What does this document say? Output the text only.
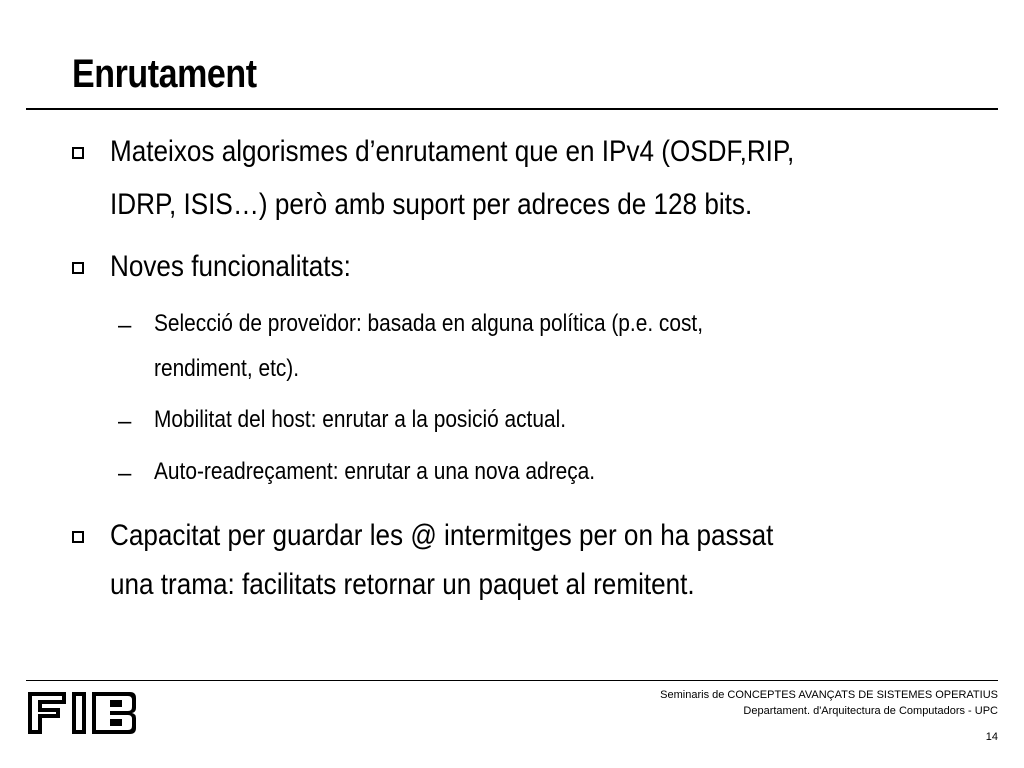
Enrutament
Mateixos algorismes d’enrutament que en IPv4 (OSDF,RIP,
IDRP, ISIS…) però amb suport per adreces de 128 bits.
Noves funcionalitats:
– Selecció de proveïdor: basada en alguna política (p.e. cost,
rendiment, etc).
– Mobilitat del host: enrutar a la posició actual.
– Auto-readreçament: enrutar a una nova adreça.
Capacitat per guardar les @ intermitges per on ha passat
una trama: facilitats retornar un paquet al remitent.
Seminaris de CONCEPTES AVANÇATS DE SISTEMES OPERATIUS
Departament. d'Arquitectura de Computadors - UPC
14
